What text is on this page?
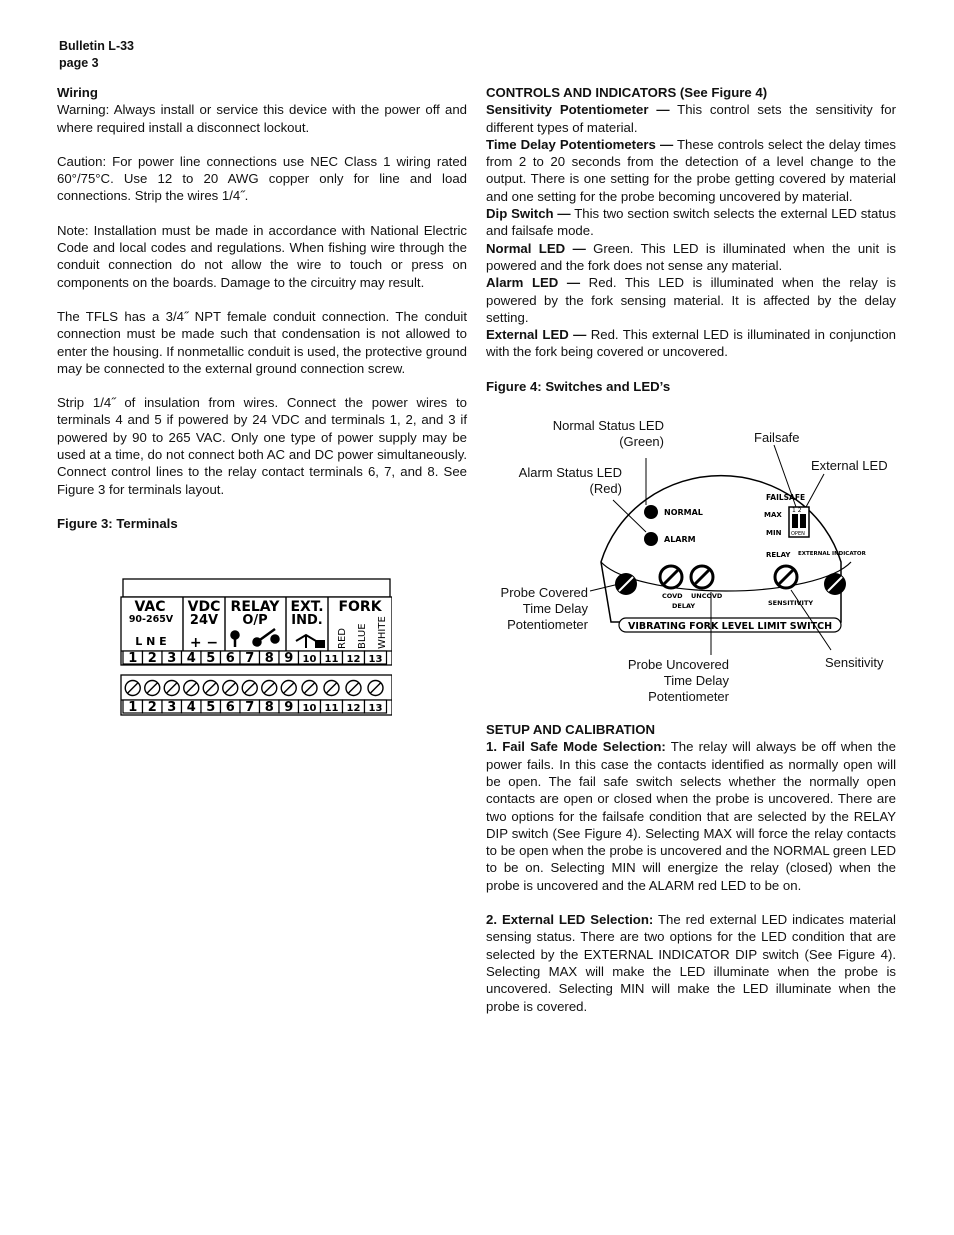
Bulletin L-33
page 3

Wiring

Warning: Always install or service this device with the power off and where required install a disconnect lockout.

Caution: For power line connections use NEC Class 1 wiring rated 60°/75°C. Use 12 to 20 AWG copper only for line and load connections. Strip the wires 1/4˝.

Note: Installation must be made in accordance with National Electric Code and local codes and regulations. When fishing wire through the conduit connection do not allow the wire to touch or press on components on the boards. Damage to the circuitry may result.

The TFLS has a 3/4˝ NPT female conduit connection. The conduit connection must be made such that condensation is not allowed to enter the housing. If nonmetallic conduit is used, the protective ground may be connected to the external ground connection screw.

Strip 1/4˝ of insulation from wires. Connect the power wires to terminals 4 and 5 if powered by 24 VDC and terminals 1, 2, and 3 if powered by 90 to 265 VAC. Only one type of power supply may be used at a time, do not connect both AC and DC power simultaneously. Connect control lines to the relay contact terminals 6, 7, and 8. See Figure 3 for terminals layout.

Figure 3: Terminals

VAC
90-265V
L N E
VDC
24V
+ −
RELAY
O/P
EXT.
IND.
FORK
RED BLUE WHITE
1 2 3 4 5 6 7 8 9 10 11 12 13
1 2 3 4 5 6 7 8 9 10 11 12 13

CONTROLS AND INDICATORS (See Figure 4)

Sensitivity Potentiometer — This control sets the sensitivity for different types of material.

Time Delay Potentiometers — These controls select the delay times from 2 to 20 seconds from the detection of a level change to the output. There is one setting for the probe getting covered by material and one setting for the probe becoming uncovered by material.

Dip Switch — This two section switch selects the external LED status and failsafe mode.

Normal LED — Green. This LED is illuminated when the unit is powered and the fork does not sense any material.

Alarm LED — Red. This LED is illuminated when the relay is powered by the fork sensing material. It is affected by the delay setting.

External LED — Red. This external LED is illuminated in conjunction with the fork being covered or uncovered.

Figure 4: Switches and LED’s

SETUP AND CALIBRATION

1. Fail Safe Mode Selection: The relay will always be off when the power fails. In this case the contacts identified as normally open will be open. The fail safe switch selects whether the normally open contacts are open or closed when the probe is uncovered. There are two options for the failsafe condition that are selected by the RELAY DIP switch (See Figure 4). Selecting MAX will force the relay contacts to be open when the probe is uncovered and the NORMAL green LED to be on. Selecting MIN will energize the relay (closed) when the probe is uncovered and the ALARM red LED to be on.

2. External LED Selection: The red external LED indicates material sensing status. There are two options for the LED condition that are selected by the EXTERNAL INDICATOR DIP switch (See Figure 4). Selecting MAX will make the LED illuminate when the probe is uncovered. Selecting MIN will make the LED illuminate when the probe is covered.

VIBRATING FORK LEVEL LIMIT SWITCH
NORMAL
ALARM
FAILSAFE
MAX
MIN
RELAY
1 2
OPEN
EXTERNAL INDICATOR
COVD UNCOVD
DELAY	SENSITIVITY
Normal Status LED
(Green)
Alarm Status LED
(Red)
Failsafe
External LED
Probe Covered
Time Delay
Potentiometer
Probe Uncovered
Time Delay
Potentiometer
Sensitivity
